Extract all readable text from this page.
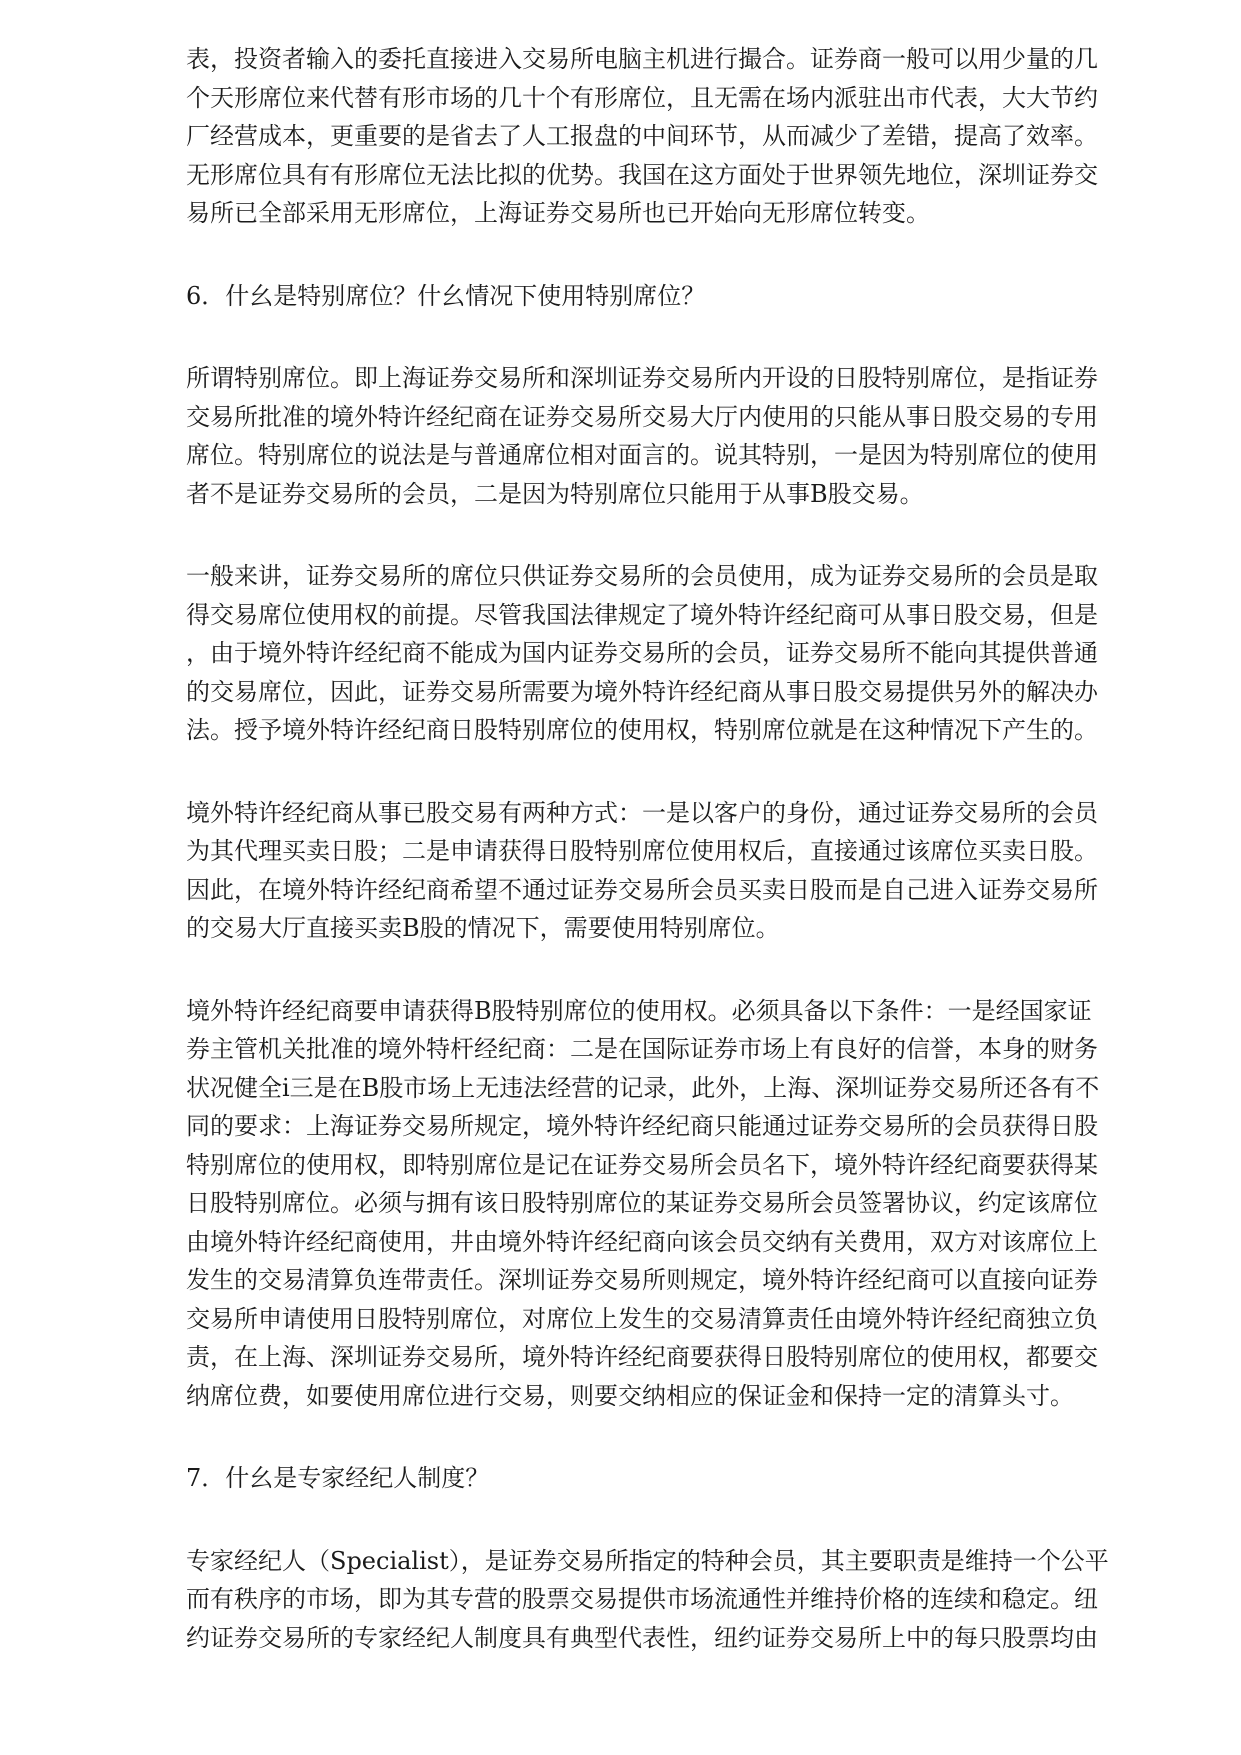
表，投资者输入的委托直接进入交易所电脑主机进行撮合。证券商一般可以用少量的几
个天形席位来代替有形市场的几十个有形席位，且无需在场内派驻出市代表，大大节约
厂经营成本，更重要的是省去了人工报盘的中间环节，从而减少了差错，提高了效率。
无形席位具有有形席位无法比拟的优势。我国在这方面处于世界领先地位，深圳证券交
易所已全部采用无形席位，上海证券交易所也已开始向无形席位转变。
6．什幺是特别席位？什幺情况下使用特别席位？
所谓特别席位。即上海证券交易所和深圳证券交易所内开设的日股特别席位，是指证券
交易所批准的境外特许经纪商在证券交易所交易大厅内使用的只能从事日股交易的专用
席位。特别席位的说法是与普通席位相对面言的。说其特别，一是因为特别席位的使用
者不是证券交易所的会员，二是因为特别席位只能用于从事B股交易。
一般来讲，证券交易所的席位只供证券交易所的会员使用，成为证券交易所的会员是取
得交易席位使用权的前提。尽管我国法律规定了境外特许经纪商可从事日股交易，但是
，由于境外特许经纪商不能成为国内证券交易所的会员，证券交易所不能向其提供普通
的交易席位，因此，证券交易所需要为境外特许经纪商从事日股交易提供另外的解决办
法。授予境外特许经纪商日股特别席位的使用权，特别席位就是在这种情况下产生的。
境外特许经纪商从事已股交易有两种方式：一是以客户的身份，通过证券交易所的会员
为其代理买卖日股；二是申请获得日股特别席位使用权后，直接通过该席位买卖日股。
因此，在境外特许经纪商希望不通过证券交易所会员买卖日股而是自己进入证券交易所
的交易大厅直接买卖B股的情况下，需要使用特别席位。
境外特许经纪商要申请获得B股特别席位的使用权。必须具备以下条件：一是经国家证
券主管机关批准的境外特杆经纪商：二是在国际证券市场上有良好的信誉，本身的财务
状况健全i三是在B股市场上无违法经营的记录，此外，上海、深圳证券交易所还各有不
同的要求：上海证券交易所规定，境外特许经纪商只能通过证券交易所的会员获得日股
特别席位的使用权，即特别席位是记在证券交易所会员名下，境外特许经纪商要获得某
日股特别席位。必须与拥有该日股特别席位的某证券交易所会员签署协议，约定该席位
由境外特许经纪商使用，井由境外特许经纪商向该会员交纳有关费用，双方对该席位上
发生的交易清算负连带责任。深圳证券交易所则规定，境外特许经纪商可以直接向证券
交易所申请使用日股特别席位，对席位上发生的交易清算责任由境外特许经纪商独立负
责，在上海、深圳证券交易所，境外特许经纪商要获得日股特别席位的使用权，都要交
纳席位费，如要使用席位进行交易，则要交纳相应的保证金和保持一定的清算头寸。
7．什幺是专家经纪人制度？
专家经纪人（Specialist），是证券交易所指定的特种会员，其主要职责是维持一个公平
而有秩序的市场，即为其专营的股票交易提供市场流通性并维持价格的连续和稳定。纽
约证券交易所的专家经纪人制度具有典型代表性，纽约证券交易所上中的每只股票均由
